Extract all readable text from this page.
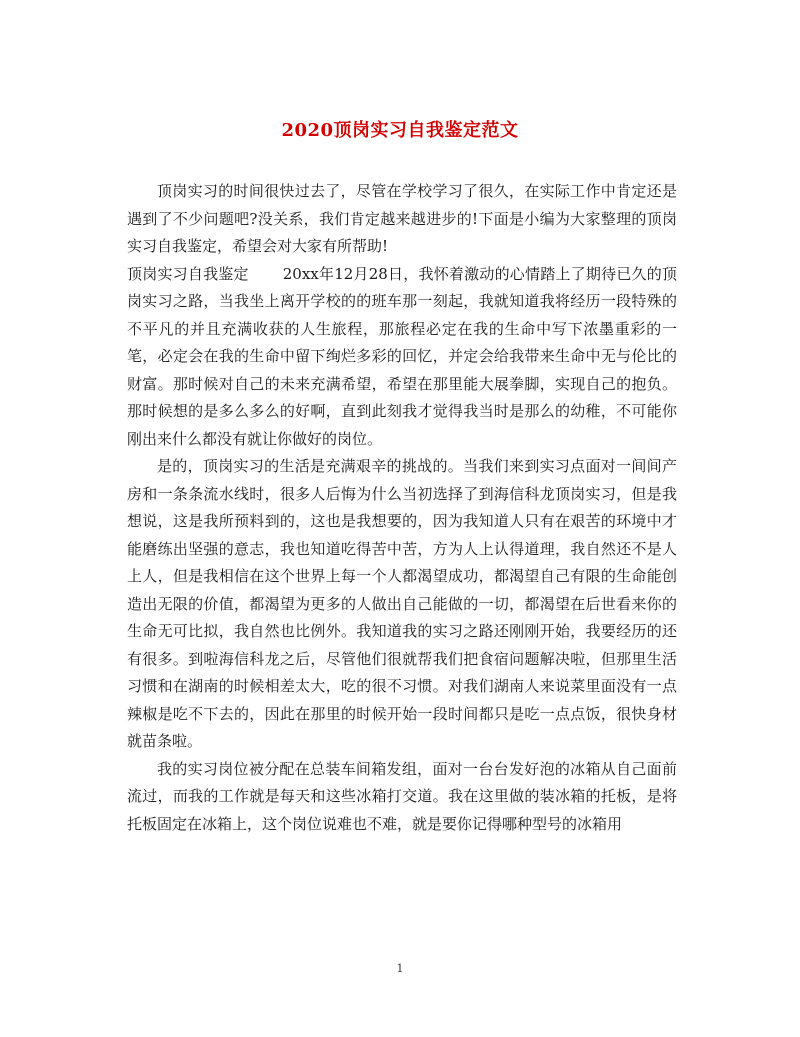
2020顶岗实习自我鉴定范文

顶岗实习的时间很快过去了，尽管在学校学习了很久，在实际工作中肯定还是遇到了不少问题吧?没关系，我们肯定越来越进步的!下面是小编为大家整理的顶岗实习自我鉴定，希望会对大家有所帮助!

顶岗实习自我鉴定 20xx年12月28日，我怀着激动的心情踏上了期待已久的顶岗实习之路，当我坐上离开学校的的班车那一刻起，我就知道我将经历一段特殊的不平凡的并且充满收获的人生旅程，那旅程必定在我的生命中写下浓墨重彩的一笔，必定会在我的生命中留下绚烂多彩的回忆，并定会给我带来生命中无与伦比的财富。那时候对自己的未来充满希望，希望在那里能大展拳脚，实现自己的抱负。那时候想的是多么多么的好啊，直到此刻我才觉得我当时是那么的幼稚，不可能你刚出来什么都没有就让你做好的岗位。

是的，顶岗实习的生活是充满艰辛的挑战的。当我们来到实习点面对一间间产房和一条条流水线时，很多人后悔为什么当初选择了到海信科龙顶岗实习，但是我想说，这是我所预料到的，这也是我想要的，因为我知道人只有在艰苦的环境中才能磨练出坚强的意志，我也知道吃得苦中苦，方为人上认得道理，我自然还不是人上人，但是我相信在这个世界上每一个人都渴望成功，都渴望自己有限的生命能创造出无限的价值，都渴望为更多的人做出自己能做的一切，都渴望在后世看来你的生命无可比拟，我自然也比例外。我知道我的实习之路还刚刚开始，我要经历的还有很多。到啦海信科龙之后，尽管他们很就帮我们把食宿问题解决啦，但那里生活习惯和在湖南的时候相差太大，吃的很不习惯。对我们湖南人来说菜里面没有一点辣椒是吃不下去的，因此在那里的时候开始一段时间都只是吃一点点饭，很快身材就苗条啦。

我的实习岗位被分配在总装车间箱发组，面对一台台发好泡的冰箱从自己面前流过，而我的工作就是每天和这些冰箱打交道。我在这里做的装冰箱的托板，是将托板固定在冰箱上，这个岗位说难也不难，就是要你记得哪种型号的冰箱用

1
